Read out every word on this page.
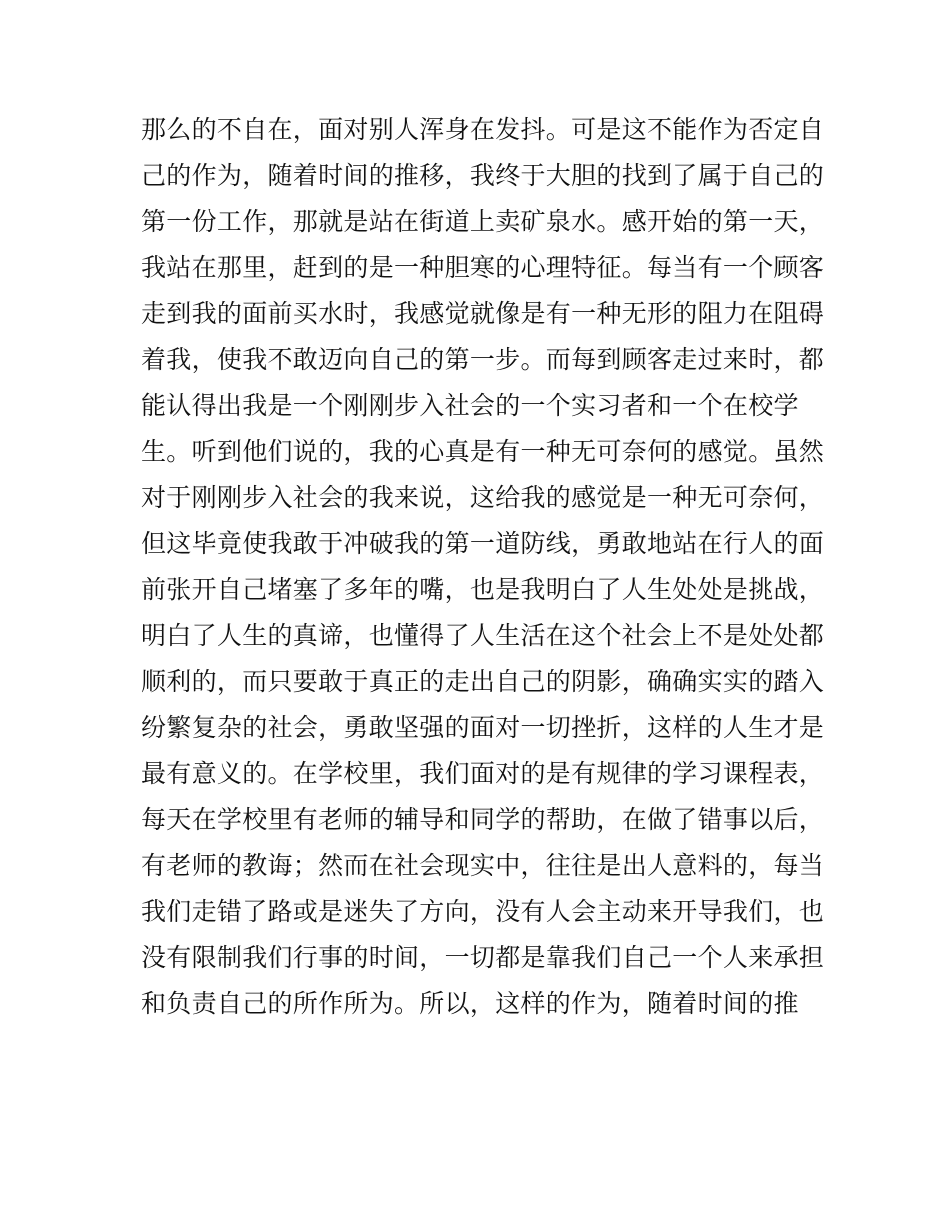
那么的不自在，面对别人浑身在发抖。可是这不能作为否定自
己的作为，随着时间的推移，我终于大胆的找到了属于自己的
第一份工作，那就是站在街道上卖矿泉水。感开始的第一天，
我站在那里，赶到的是一种胆寒的心理特征。每当有一个顾客
走到我的面前买水时，我感觉就像是有一种无形的阻力在阻碍
着我，使我不敢迈向自己的第一步。而每到顾客走过来时，都
能认得出我是一个刚刚步入社会的一个实习者和一个在校学
生。听到他们说的，我的心真是有一种无可奈何的感觉。虽然
对于刚刚步入社会的我来说，这给我的感觉是一种无可奈何，
但这毕竟使我敢于冲破我的第一道防线，勇敢地站在行人的面
前张开自己堵塞了多年的嘴，也是我明白了人生处处是挑战，
明白了人生的真谛，也懂得了人生活在这个社会上不是处处都
顺利的，而只要敢于真正的走出自己的阴影，确确实实的踏入
纷繁复杂的社会，勇敢坚强的面对一切挫折，这样的人生才是
最有意义的。在学校里，我们面对的是有规律的学习课程表，
每天在学校里有老师的辅导和同学的帮助，在做了错事以后，
有老师的教诲；然而在社会现实中，往往是出人意料的，每当
我们走错了路或是迷失了方向，没有人会主动来开导我们，也
没有限制我们行事的时间，一切都是靠我们自己一个人来承担
和负责自己的所作所为。所以，这样的作为，随着时间的推
